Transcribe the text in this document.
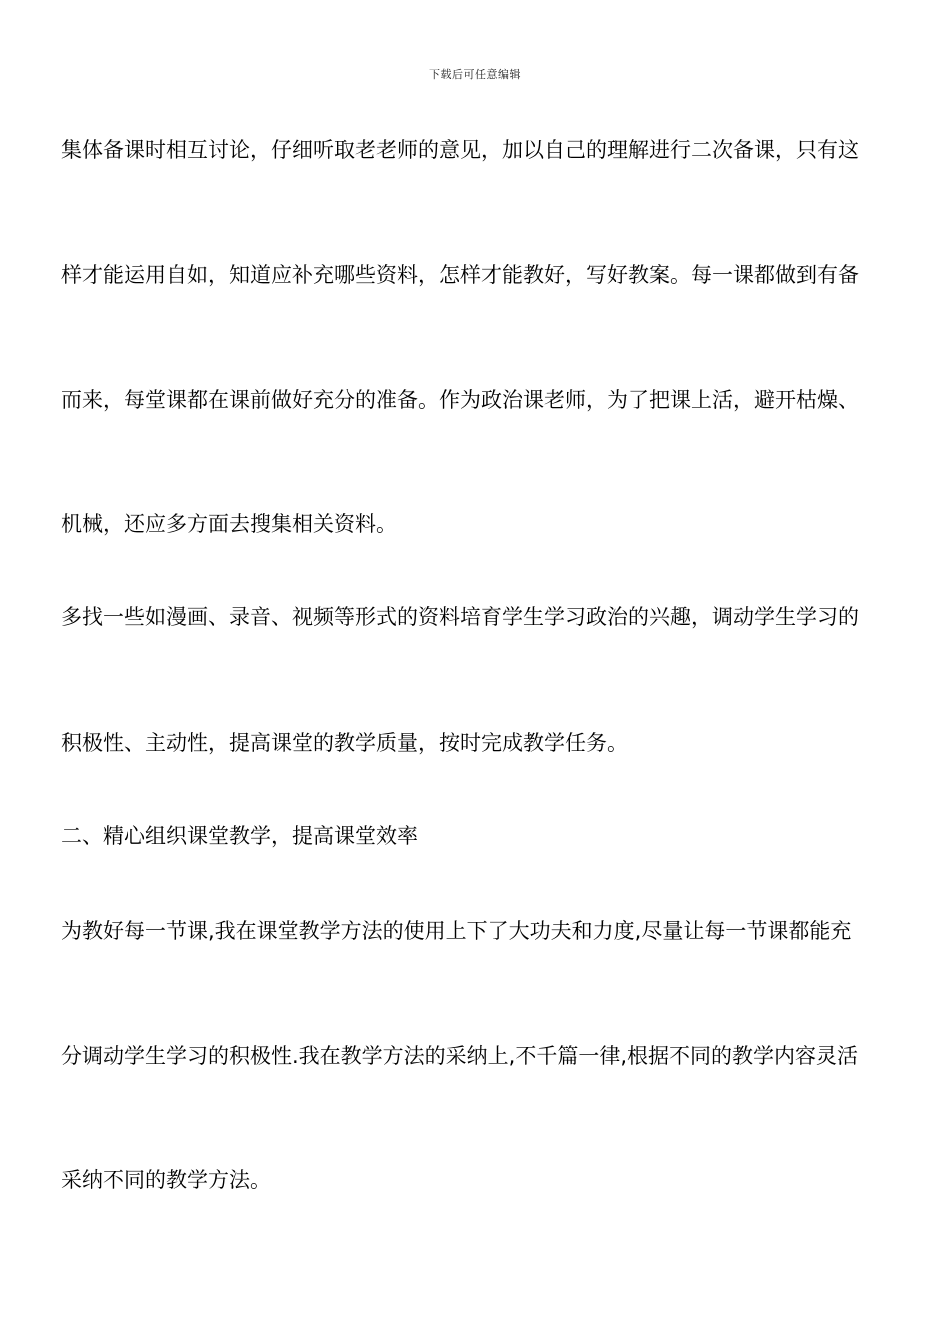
下载后可任意编辑
集体备课时相互讨论，仔细听取老老师的意见，加以自己的理解进行二次备课，只有这
样才能运用自如，知道应补充哪些资料，怎样才能教好，写好教案。每一课都做到有备
而来，每堂课都在课前做好充分的准备。作为政治课老师，为了把课上活，避开枯燥、
机械，还应多方面去搜集相关资料。
多找一些如漫画、录音、视频等形式的资料培育学生学习政治的兴趣，调动学生学习的
积极性、主动性，提高课堂的教学质量，按时完成教学任务。
二、精心组织课堂教学，提高课堂效率
为教好每一节课,我在课堂教学方法的使用上下了大功夫和力度,尽量让每一节课都能充
分调动学生学习的积极性.我在教学方法的采纳上,不千篇一律,根据不同的教学内容灵活
采纳不同的教学方法。
